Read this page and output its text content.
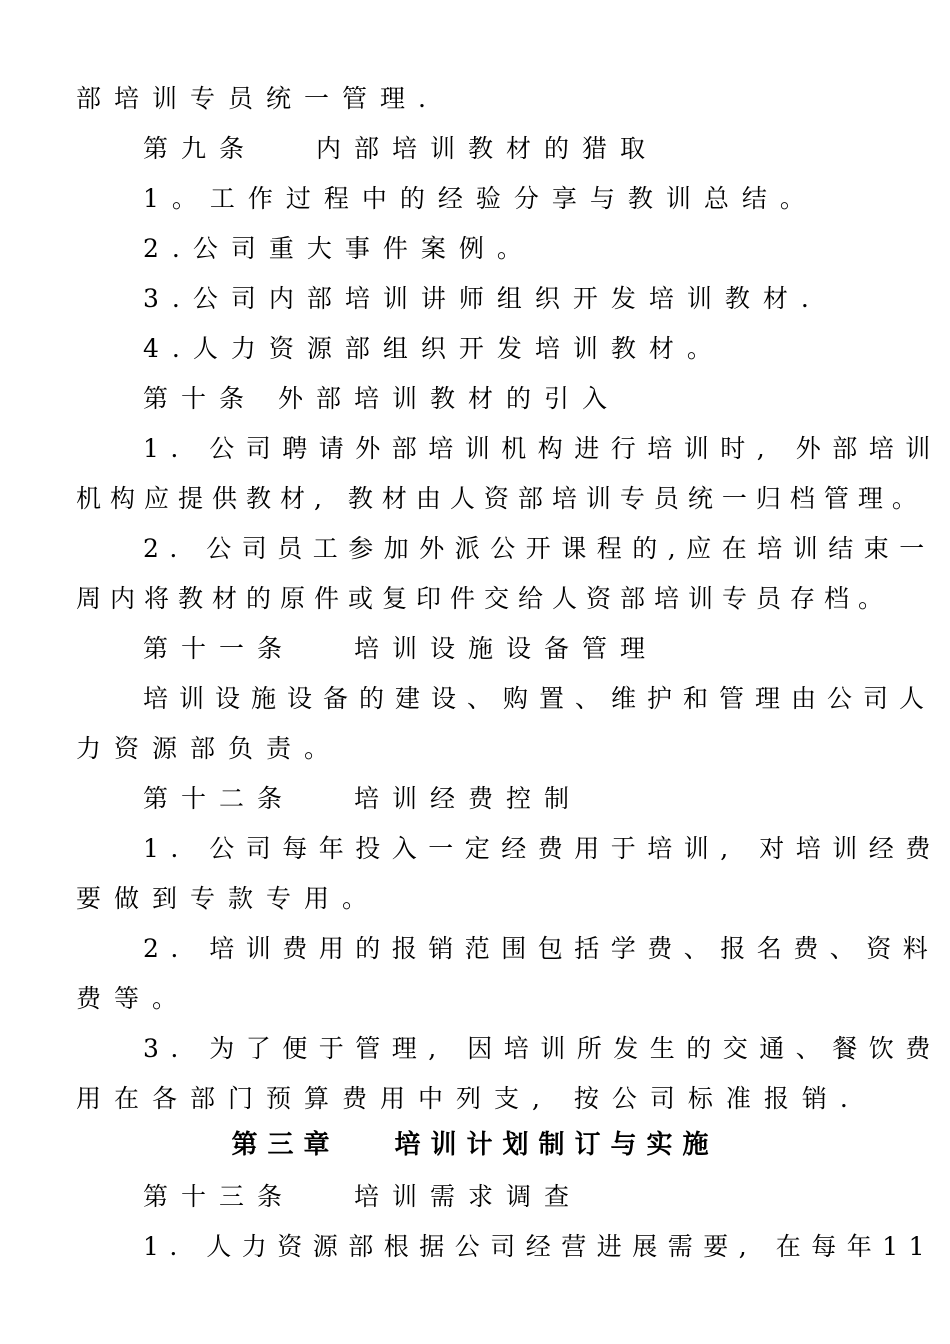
部培训专员统一管理.
第九条　 内部培训教材的猎取
1。工作过程中的经验分享与教训总结。
2.公司重大事件案例。
3.公司内部培训讲师组织开发培训教材.
4.人力资源部组织开发培训教材。
第十条 外部培训教材的引入
1. 公司聘请外部培训机构进行培训时, 外部培训
机构应提供教材, 教材由人资部培训专员统一归档管理。
2. 公司员工参加外派公开课程的,应在培训结束一
周内将教材的原件或复印件交给人资部培训专员存档。
第十一条　 培训设施设备管理
培训设施设备的建设、购置、维护和管理由公司人
力资源部负责。
第十二条　 培训经费控制
1. 公司每年投入一定经费用于培训, 对培训经费
要做到专款专用。
2. 培训费用的报销范围包括学费、报名费、资料
费等。
3. 为了便于管理, 因培训所发生的交通、餐饮费
用在各部门预算费用中列支, 按公司标准报销.
第三章　 培训计划制订与实施
第十三条　 培训需求调查
1. 人力资源部根据公司经营进展需要, 在每年11
